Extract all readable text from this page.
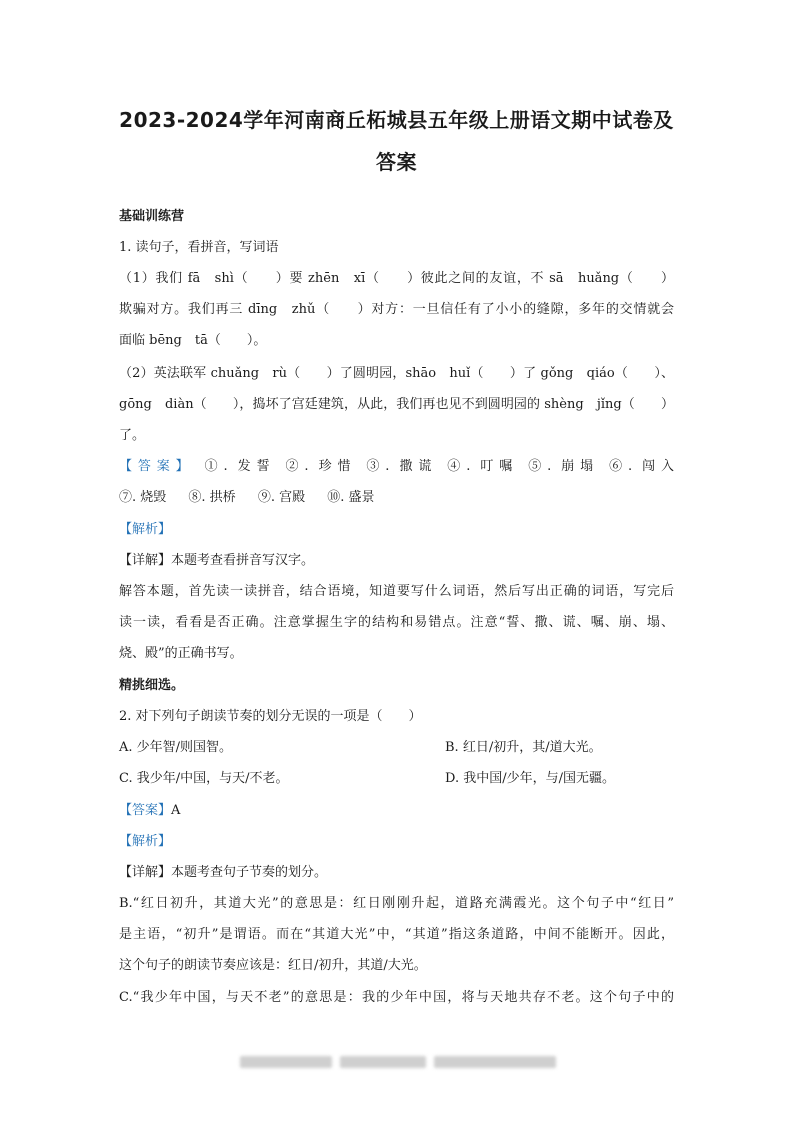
2023-2024学年河南商丘柘城县五年级上册语文期中试卷及
答案
基础训练营
1. 读句子，看拼音，写词语
（1）我们 fā　shì（　　）要 zhēn　xī（　　）彼此之间的友谊，不 sā　huǎng（　　）
欺骗对方。我们再三 dīng　zhǔ（　　）对方：一旦信任有了小小的缝隙，多年的交情就会
面临 bēng　tā（　　）。
（2）英法联军 chuǎng　rù（　　）了圆明园，shāo　huǐ（　　）了 gǒng　qiáo（　　）、
gōng　diàn（　　），捣坏了宫廷建筑，从此，我们再也见不到圆明园的 shèng　jǐng（　　）
了。
【答案】 ①. 发誓 ②. 珍惜 ③. 撒谎 ④. 叮嘱 ⑤. 崩塌 ⑥. 闯入
⑦. 烧毁 ⑧. 拱桥 ⑨. 宫殿 ⑩. 盛景
【解析】
【详解】本题考查看拼音写汉字。
解答本题，首先读一读拼音，结合语境，知道要写什么词语，然后写出正确的词语，写完后
读一读，看看是否正确。注意掌握生字的结构和易错点。注意“誓、撒、谎、嘱、崩、塌、
烧、殿”的正确书写。
精挑细选。
2. 对下列句子朗读节奏的划分无误的一项是（　　）
A. 少年智/则国智。	B. 红日/初升，其/道大光。
C. 我少年/中国，与天/不老。	D. 我中国/少年，与/国无疆。
【答案】A
【解析】
【详解】本题考查句子节奏的划分。
B.“红日初升，其道大光”的意思是：红日刚刚升起，道路充满霞光。这个句子中“红日”
是主语，“初升”是谓语。而在“其道大光”中，“其道”指这条道路，中间不能断开。因此，
这个句子的朗读节奏应该是：红日/初升，其道/大光。
C.“我少年中国，与天不老”的意思是：我的少年中国，将与天地共存不老。这个句子中的
